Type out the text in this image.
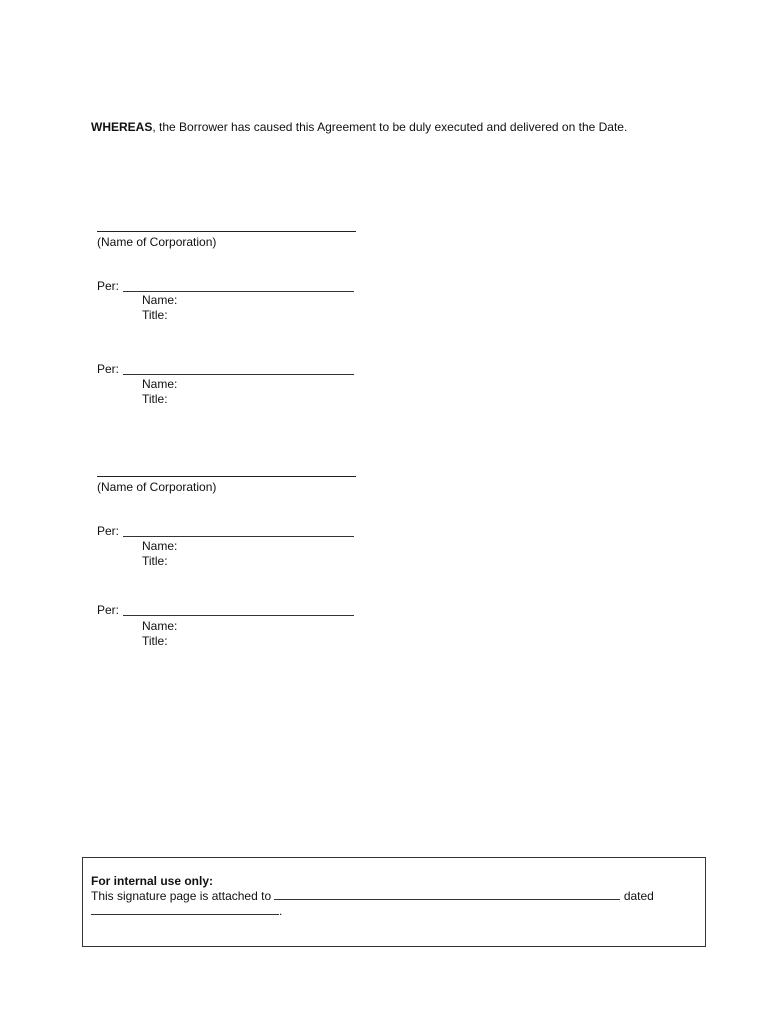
WHEREAS, the Borrower has caused this Agreement to be duly executed and delivered on the Date.
(Name of Corporation)
Per:
Name:
Title:
Per:
Name:
Title:
(Name of Corporation)
Per:
Name:
Title:
Per:
Name:
Title:
For internal use only:
This signature page is attached to	dated
.
